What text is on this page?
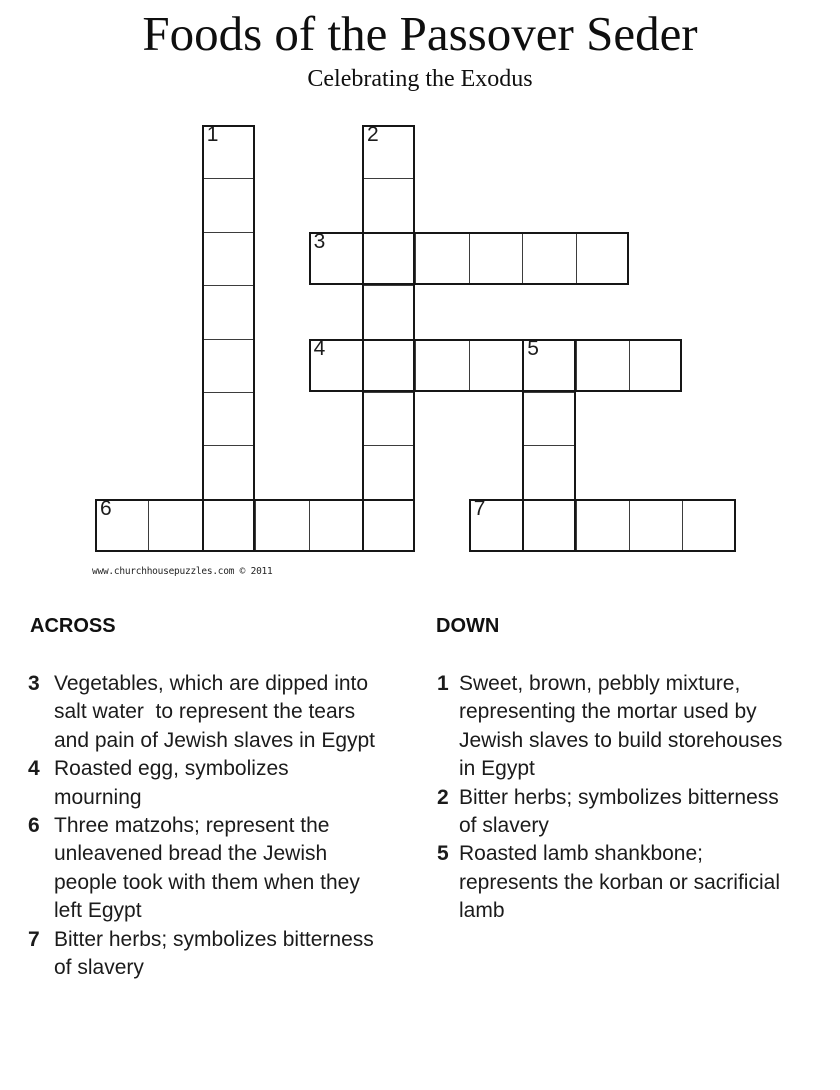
Foods of the Passover Seder
Celebrating the Exodus
1	2
3
4	5
6	7
www.churchhousepuzzles.com © 2011
ACROSS
3 Vegetables, which are dipped into
salt water  to represent the tears
and pain of Jewish slaves in Egypt
4 Roasted egg, symbolizes
mourning
6 Three matzohs; represent the
unleavened bread the Jewish
people took with them when they
left Egypt
7 Bitter herbs; symbolizes bitterness
of slavery
DOWN
1 Sweet, brown, pebbly mixture,
representing the mortar used by
Jewish slaves to build storehouses
in Egypt
2 Bitter herbs; symbolizes bitterness
of slavery
5 Roasted lamb shankbone;
represents the korban or sacrificial
lamb
